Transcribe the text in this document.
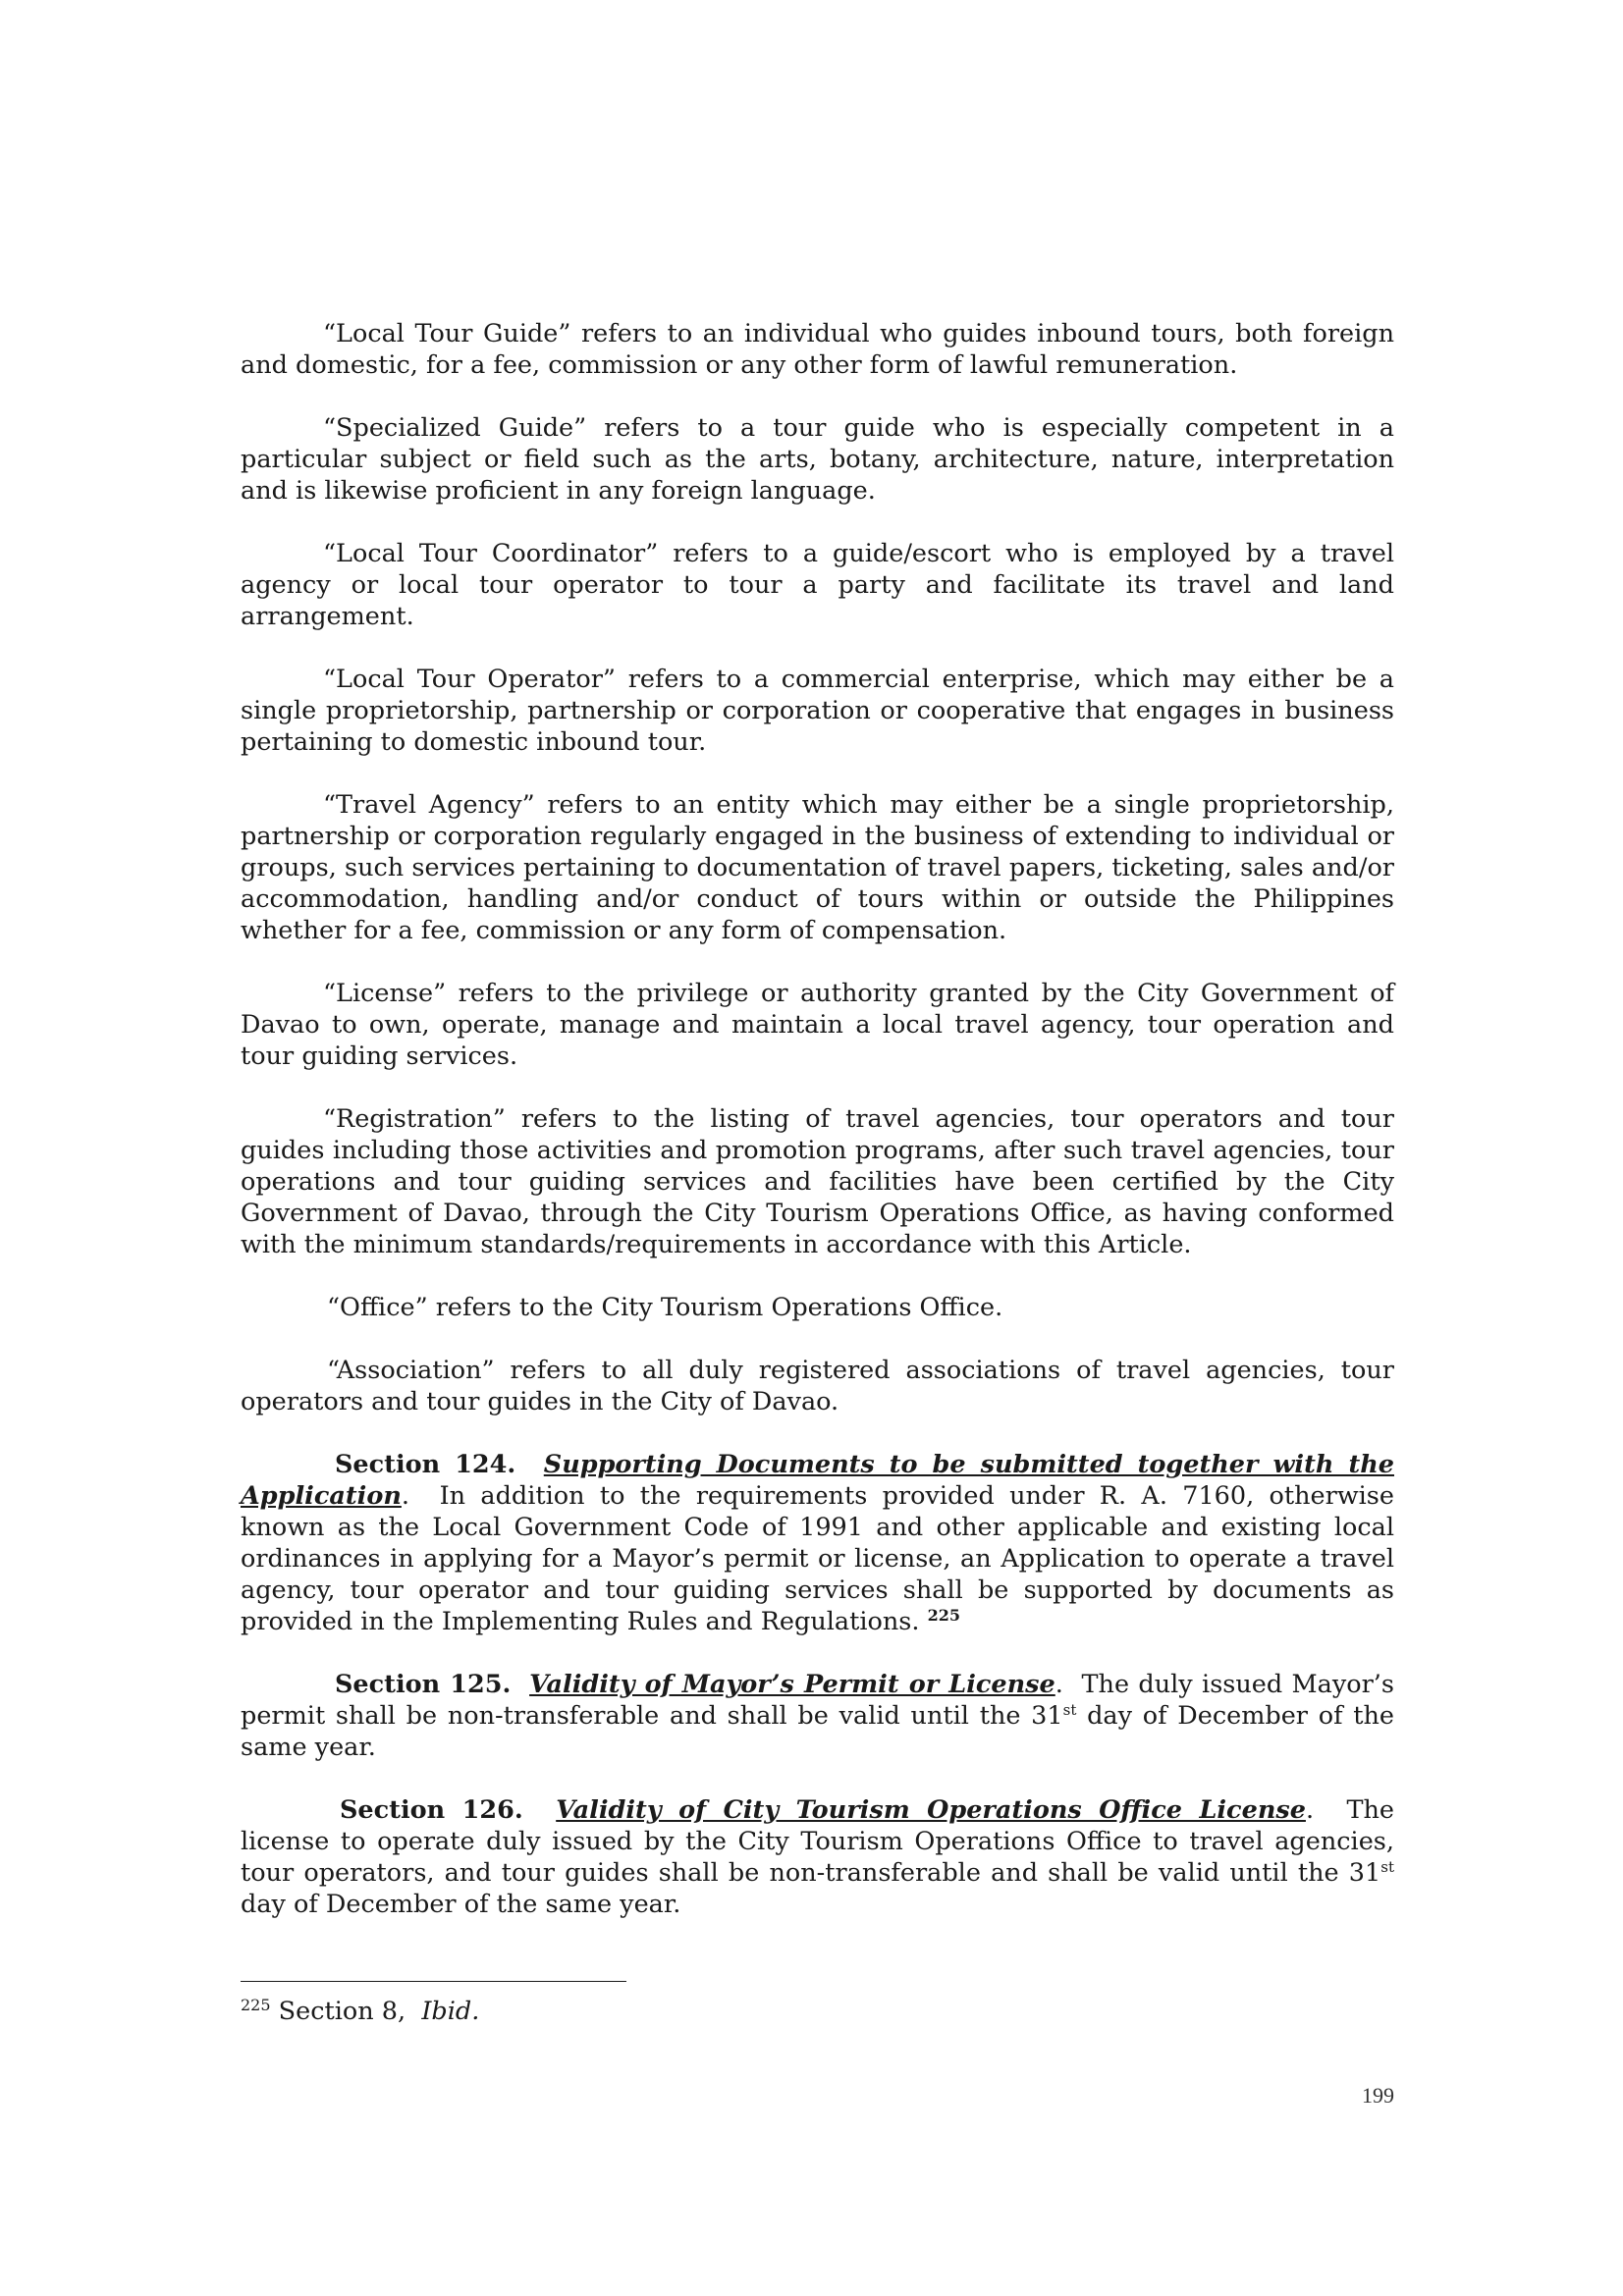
“Local Tour Guide” refers to an individual who guides inbound tours, both foreign and domestic, for a fee, commission or any other form of lawful remuneration.

“Specialized Guide” refers to a tour guide who is especially competent in a particular subject or field such as the arts, botany, architecture, nature, interpretation and is likewise proficient in any foreign language.

“Local Tour Coordinator” refers to a guide/escort who is employed by a travel agency or local tour operator to tour a party and facilitate its travel and land arrangement.

“Local Tour Operator” refers to a commercial enterprise, which may either be a single proprietorship, partnership or corporation or cooperative that engages in business pertaining to domestic inbound tour.

“Travel Agency” refers to an entity which may either be a single proprietorship, partnership or corporation regularly engaged in the business of extending to individual or groups, such services pertaining to documentation of travel papers, ticketing, sales and/or accommodation, handling and/or conduct of tours within or outside the Philippines whether for a fee, commission or any form of compensation.

“License” refers to the privilege or authority granted by the City Government of Davao to own, operate, manage and maintain a local travel agency, tour operation and tour guiding services.

“Registration” refers to the listing of travel agencies, tour operators and tour guides including those activities and promotion programs, after such travel agencies, tour operations and tour guiding services and facilities have been certified by the City Government of Davao, through the City Tourism Operations Office, as having conformed with the minimum standards/requirements in accordance with this Article.

“Office” refers to the City Tourism Operations Office.

“Association” refers to all duly registered associations of travel agencies, tour operators and tour guides in the City of Davao.

Section 124. Supporting Documents to be submitted together with the Application. In addition to the requirements provided under R. A. 7160, otherwise known as the Local Government Code of 1991 and other applicable and existing local ordinances in applying for a Mayor’s permit or license, an Application to operate a travel agency, tour operator and tour guiding services shall be supported by documents as provided in the Implementing Rules and Regulations. $^{225}$

Section 125. Validity of Mayor’s Permit or License. The duly issued Mayor’s permit shall be non-transferable and shall be valid until the 31st day of December of the same year.

Section 126. Validity of City Tourism Operations Office License. The license to operate duly issued by the City Tourism Operations Office to travel agencies, tour operators, and tour guides shall be non-transferable and shall be valid until the 31st day of December of the same year.

$^{225}$ Section 8, Ibid.
199
